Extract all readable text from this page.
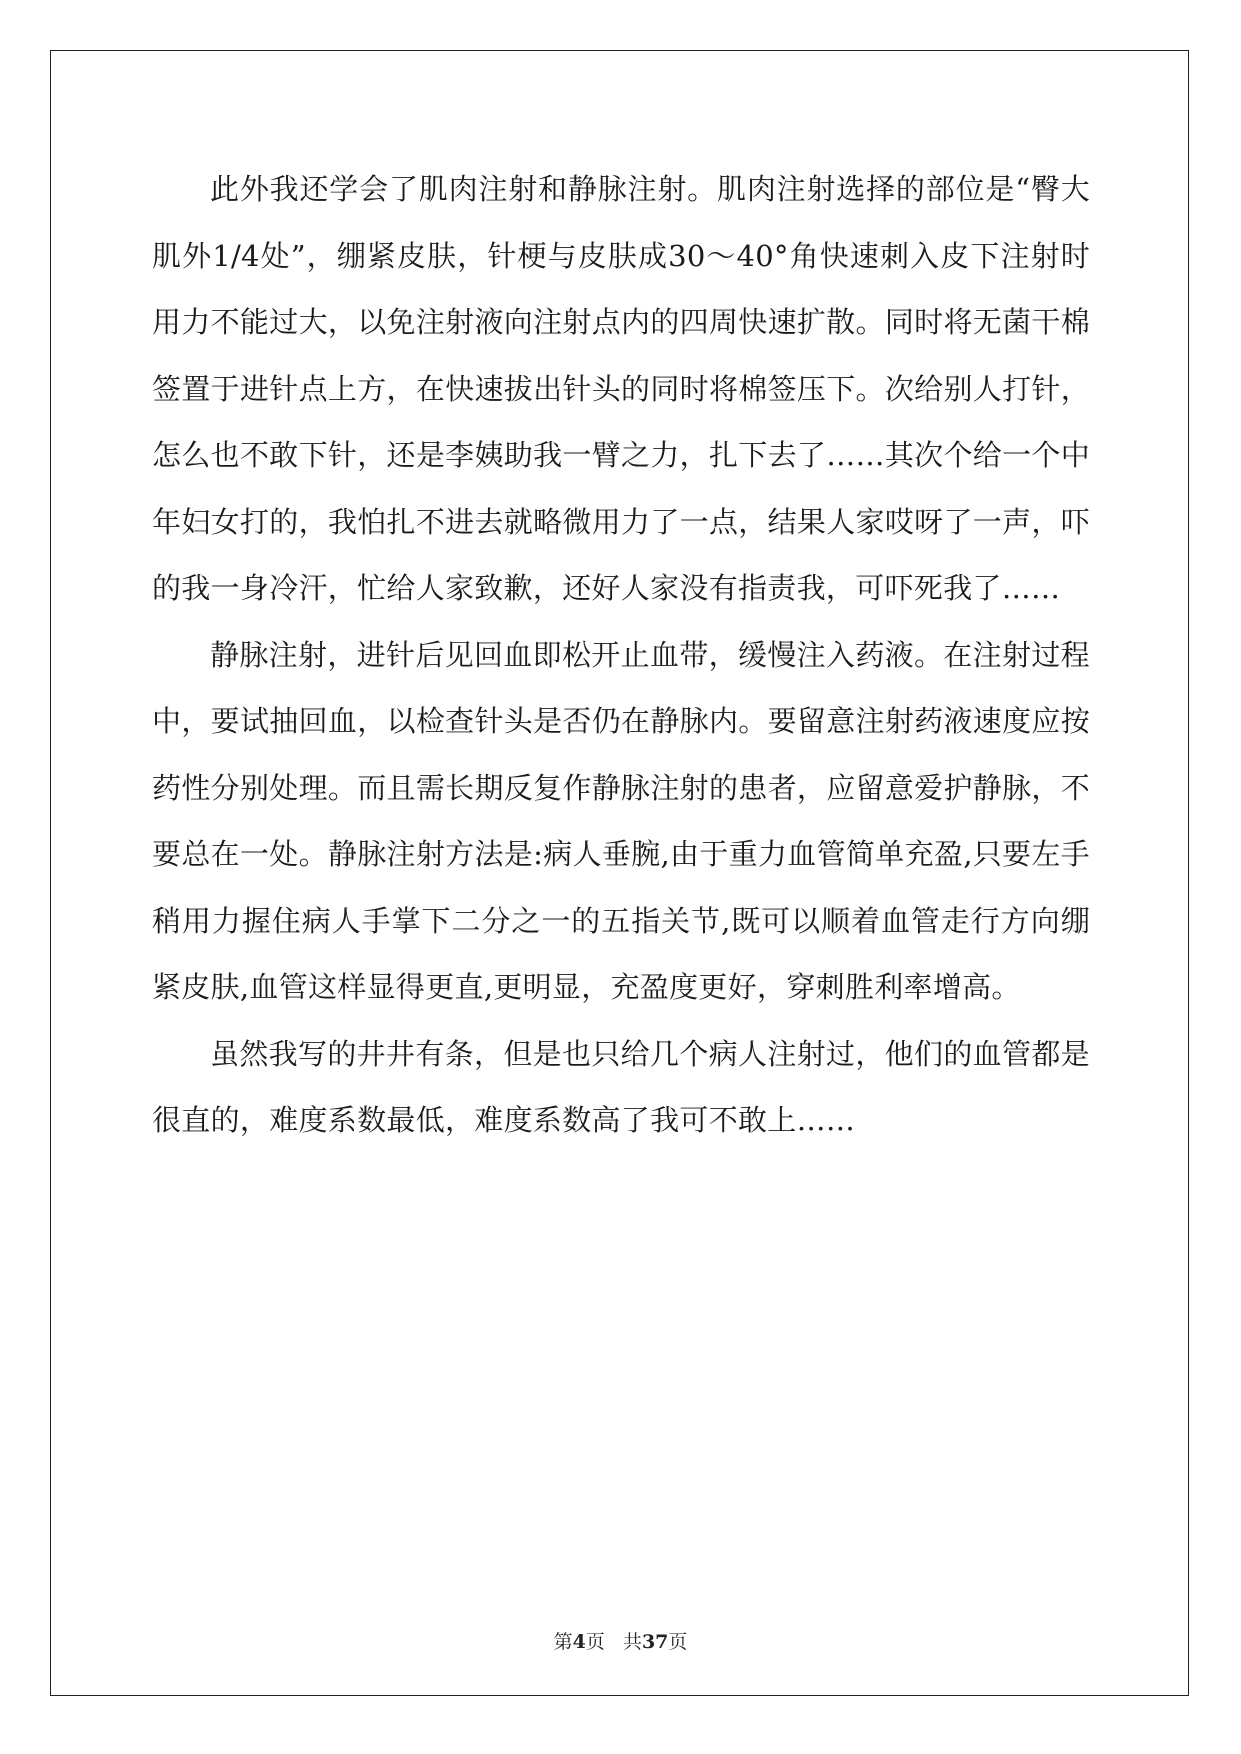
此外我还学会了肌肉注射和静脉注射。肌肉注射选择的部位是“臀大肌外1/4处”，绷紧皮肤，针梗与皮肤成30～40°角快速刺入皮下注射时用力不能过大，以免注射液向注射点内的四周快速扩散。同时将无菌干棉签置于进针点上方，在快速拔出针头的同时将棉签压下。次给别人打针，怎么也不敢下针，还是李姨助我一臂之力，扎下去了……其次个给一个中年妇女打的，我怕扎不进去就略微用力了一点，结果人家哎呀了一声，吓的我一身冷汗，忙给人家致歉，还好人家没有指责我，可吓死我了……

静脉注射，进针后见回血即松开止血带，缓慢注入药液。在注射过程中，要试抽回血，以检查针头是否仍在静脉内。要留意注射药液速度应按药性分别处理。而且需长期反复作静脉注射的患者，应留意爱护静脉，不要总在一处。静脉注射方法是:病人垂腕,由于重力血管简单充盈,只要左手稍用力握住病人手掌下二分之一的五指关节,既可以顺着血管走行方向绷紧皮肤,血管这样显得更直,更明显，充盈度更好，穿刺胜利率增高。

虽然我写的井井有条，但是也只给几个病人注射过，他们的血管都是很直的，难度系数最低，难度系数高了我可不敢上……

第4页   共37页
